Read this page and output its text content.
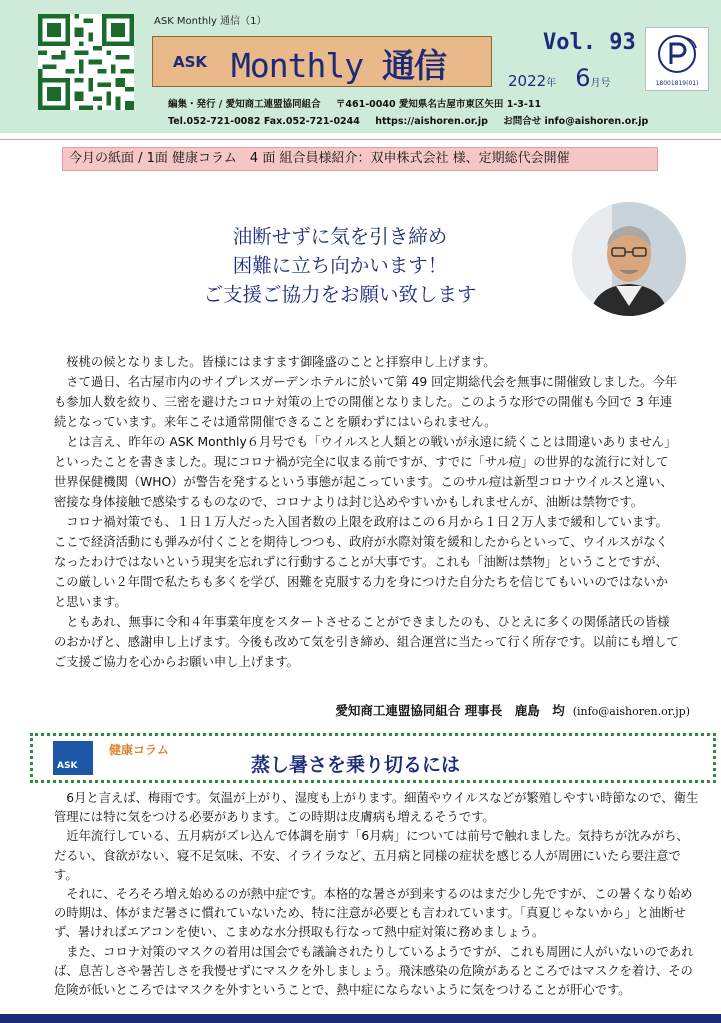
ASK Monthly 通信（1）
ASK Monthly 通信
Vol. 93
2022年 6月号	18001819(01)
編集・発行 / 愛知商工連盟協同組合 〒461-0040 愛知県名古屋市東区矢田 1-3-11
Tel.052-721-0082 Fax.052-721-0244 https://aishoren.or.jp お問合せ info@aishoren.or.jp
今月の紙面 / 1面 健康コラム　4 面 組合員様紹介：双申株式会社 様、定期総代会開催
油断せずに気を引き締め
困難に立ち向かいます！
ご支援ご協力をお願い致します

桜桃の候となりました。皆様にはますます御隆盛のことと拝察申し上げます。

さて過日、名古屋市内のサイプレスガーデンホテルに於いて第 49 回定期総代会を無事に開催致しました。今年も参加人数を絞り、三密を避けたコロナ対策の上での開催となりました。このような形での開催も今回で 3 年連続となっています。来年こそは通常開催できることを願わずにはいられません。

とは言え、昨年の ASK Monthly６月号でも「ウイルスと人類との戦いが永遠に続くことは間違いありません」といったことを書きました。現にコロナ禍が完全に収まる前ですが、すでに「サル痘」の世界的な流行に対して世界保健機関（WHO）が警告を発するという事態が起こっています。このサル痘は新型コロナウイルスと違い、密接な身体接触で感染するものなので、コロナよりは封じ込めやすいかもしれませんが、油断は禁物です。

コロナ禍対策でも、１日１万人だった入国者数の上限を政府はこの６月から１日２万人まで緩和しています。ここで経済活動にも弾みが付くことを期待しつつも、政府が水際対策を緩和したからといって、ウイルスがなくなったわけではないという現実を忘れずに行動することが大事です。これも「油断は禁物」ということですが、この厳しい２年間で私たちも多くを学び、困難を克服する力を身につけた自分たちを信じてもいいのではないかと思います。

ともあれ、無事に令和４年事業年度をスタートさせることができましたのも、ひとえに多くの関係諸氏の皆様のおかげと、感謝申し上げます。今後も改めて気を引き締め、組合運営に当たって行く所存です。以前にも増してご支援ご協力を心からお願い申し上げます。

愛知商工連盟協同組合 理事長　鹿島　均 (info@aishoren.or.jp)
ASK
健康コラム
蒸し暑さを乗り切るには

6月と言えば、梅雨です。気温が上がり、湿度も上がります。細菌やウイルスなどが繁殖しやすい時節なので、衛生管理には特に気をつける必要があります。この時期は皮膚病も増えるそうです。

近年流行している、五月病がズレ込んで体調を崩す「6月病」については前号で触れました。気持ちが沈みがち、だるい、食欲がない、寝不足気味、不安、イライラなど、五月病と同様の症状を感じる人が周囲にいたら要注意です。

それに、そろそろ増え始めるのが熱中症です。本格的な暑さが到来するのはまだ少し先ですが、この暑くなり始めの時期は、体がまだ暑さに慣れていないため、特に注意が必要とも言われています。「真夏じゃないから」と油断せず、暑ければエアコンを使い、こまめな水分摂取も行なって熱中症対策に務めましょう。

また、コロナ対策のマスクの着用は国会でも議論されたりしているようですが、これも周囲に人がいないのであれば、息苦しさや暑苦しさを我慢せずにマスクを外しましょう。飛沫感染の危険があるところではマスクを着け、その危険が低いところではマスクを外すということで、熱中症にならないように気をつけることが肝心です。
